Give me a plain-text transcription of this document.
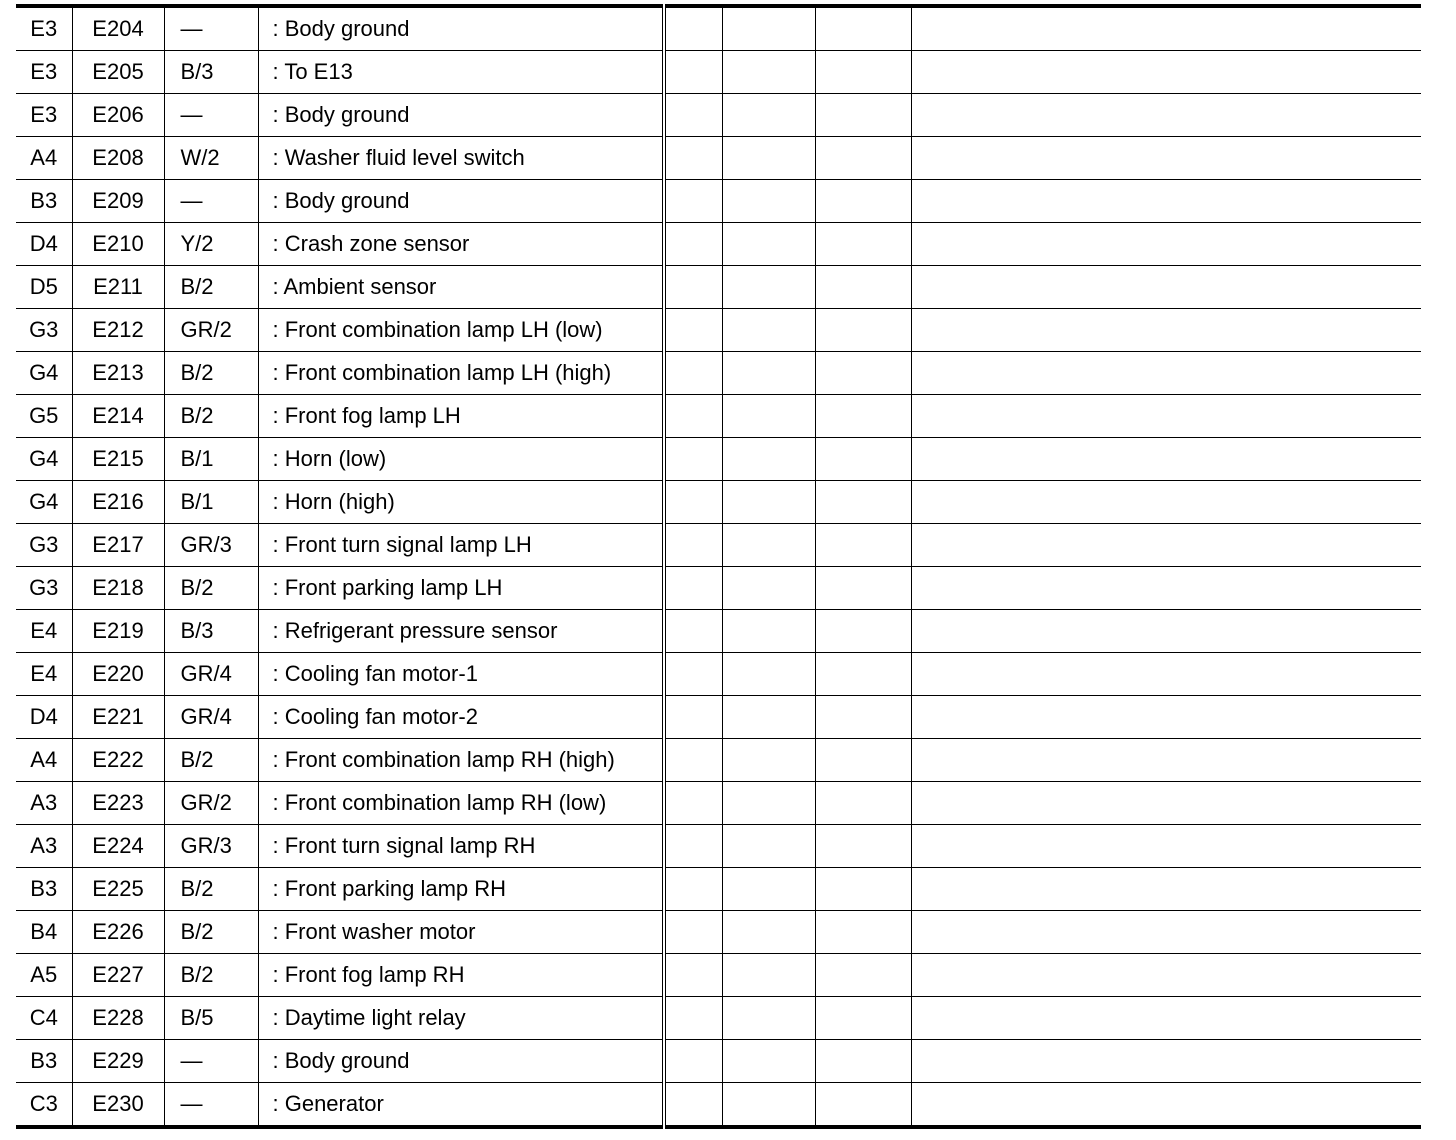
E3	E204	—	: Body ground				
E3	E205	B/3	: To E13				
E3	E206	—	: Body ground				
A4	E208	W/2	: Washer fluid level switch				
B3	E209	—	: Body ground				
D4	E210	Y/2	: Crash zone sensor				
D5	E211	B/2	: Ambient sensor				
G3	E212	GR/2	: Front combination lamp LH (low)				
G4	E213	B/2	: Front combination lamp LH (high)				
G5	E214	B/2	: Front fog lamp LH				
G4	E215	B/1	: Horn (low)				
G4	E216	B/1	: Horn (high)				
G3	E217	GR/3	: Front turn signal lamp LH				
G3	E218	B/2	: Front parking lamp LH				
E4	E219	B/3	: Refrigerant pressure sensor				
E4	E220	GR/4	: Cooling fan motor-1				
D4	E221	GR/4	: Cooling fan motor-2				
A4	E222	B/2	: Front combination lamp RH (high)				
A3	E223	GR/2	: Front combination lamp RH (low)				
A3	E224	GR/3	: Front turn signal lamp RH				
B3	E225	B/2	: Front parking lamp RH				
B4	E226	B/2	: Front washer motor				
A5	E227	B/2	: Front fog lamp RH				
C4	E228	B/5	: Daytime light relay				
B3	E229	—	: Body ground				
C3	E230	—	: Generator				
